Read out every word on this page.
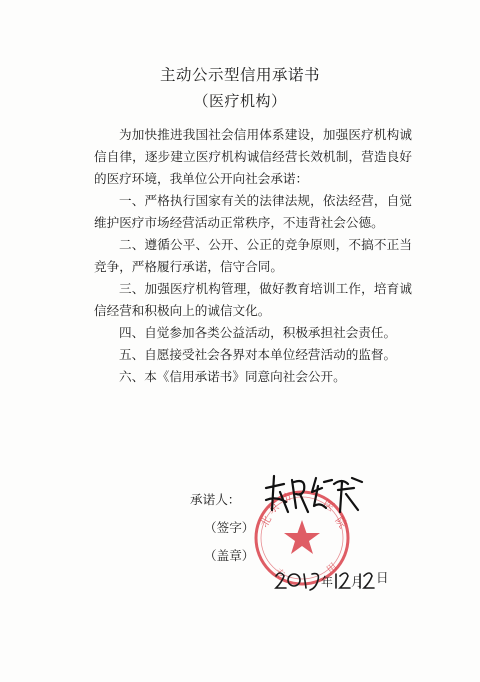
主动公示型信用承诺书
（医疗机构）

为加快推进我国社会信用体系建设，加强医疗机构诚信自律，逐步建立医疗机构诚信经营长效机制，营造良好的医疗环境，我单位公开向社会承诺：

一、严格执行国家有关的法律法规，依法经营，自觉维护医疗市场经营活动正常秩序，不违背社会公德。

二、遵循公平、公开、公正的竞争原则，不搞不正当竞争，严格履行承诺，信守合同。

三、加强医疗机构管理，做好教育培训工作，培育诚信经营和积极向上的诚信文化。

四、自觉参加各类公益活动，积极承担社会责任。

五、自愿接受社会各界对本单位经营活动的监督。

六、本《信用承诺书》同意向社会公开。

北
京
市 医
院
专	用
承诺人：
（签字）
（盖章）
年 月 日
